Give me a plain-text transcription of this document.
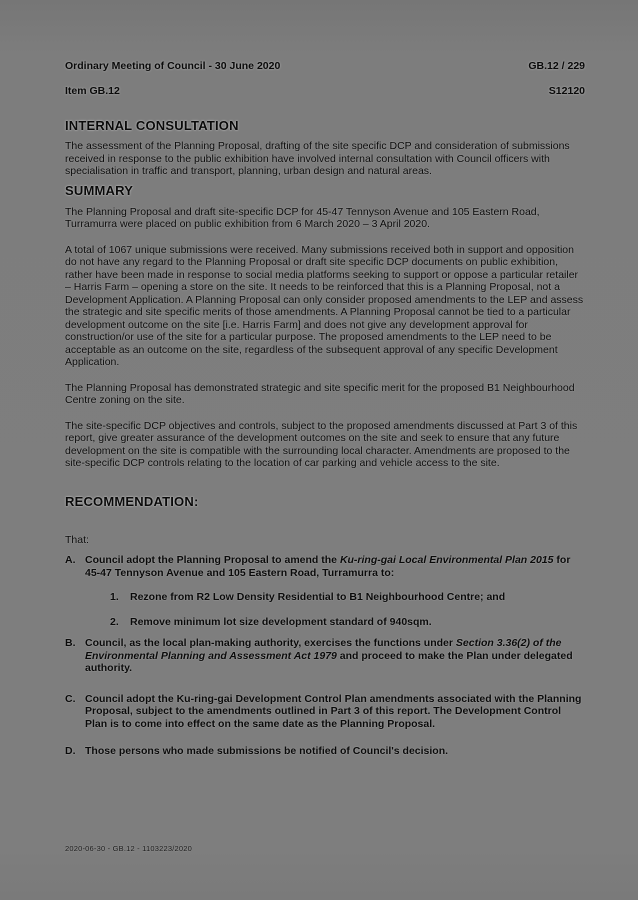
Ordinary Meeting of Council - 30 June 2020	GB.12 / 229
Item GB.12	S12120
INTERNAL CONSULTATION

The assessment of the Planning Proposal, drafting of the site specific DCP and consideration of submissions received in response to the public exhibition have involved internal consultation with Council officers with specialisation in traffic and transport, planning, urban design and natural areas.

SUMMARY

The Planning Proposal and draft site-specific DCP for 45-47 Tennyson Avenue and 105 Eastern Road, Turramurra were placed on public exhibition from 6 March 2020 – 3 April 2020.

A total of 1067 unique submissions were received. Many submissions received both in support and opposition do not have any regard to the Planning Proposal or draft site specific DCP documents on public exhibition, rather have been made in response to social media platforms seeking to support or oppose a particular retailer – Harris Farm – opening a store on the site. It needs to be reinforced that this is a Planning Proposal, not a Development Application. A Planning Proposal can only consider proposed amendments to the LEP and assess the strategic and site specific merits of those amendments. A Planning Proposal cannot be tied to a particular development outcome on the site [i.e. Harris Farm] and does not give any development approval for construction/or use of the site for a particular purpose. The proposed amendments to the LEP need to be acceptable as an outcome on the site, regardless of the subsequent approval of any specific Development Application.

The Planning Proposal has demonstrated strategic and site specific merit for the proposed B1 Neighbourhood Centre zoning on the site.

The site-specific DCP objectives and controls, subject to the proposed amendments discussed at Part 3 of this report, give greater assurance of the development outcomes on the site and seek to ensure that any future development on the site is compatible with the surrounding local character. Amendments are proposed to the site-specific DCP controls relating to the location of car parking and vehicle access to the site.

RECOMMENDATION:

That:

A. Council adopt the Planning Proposal to amend the Ku-ring-gai Local Environmental Plan 2015 for 45-47 Tennyson Avenue and 105 Eastern Road, Turramurra to:
1.	Rezone from R2 Low Density Residential to B1 Neighbourhood Centre; and
2.	Remove minimum lot size development standard of 940sqm.
B. Council, as the local plan-making authority, exercises the functions under Section 3.36(2) of the Environmental Planning and Assessment Act 1979 and proceed to make the Plan under delegated authority.
C. Council adopt the Ku-ring-gai Development Control Plan amendments associated with the Planning Proposal, subject to the amendments outlined in Part 3 of this report. The Development Control Plan is to come into effect on the same date as the Planning Proposal.
D. Those persons who made submissions be notified of Council's decision.
2020-06-30 - GB.12 - 1103223/2020
